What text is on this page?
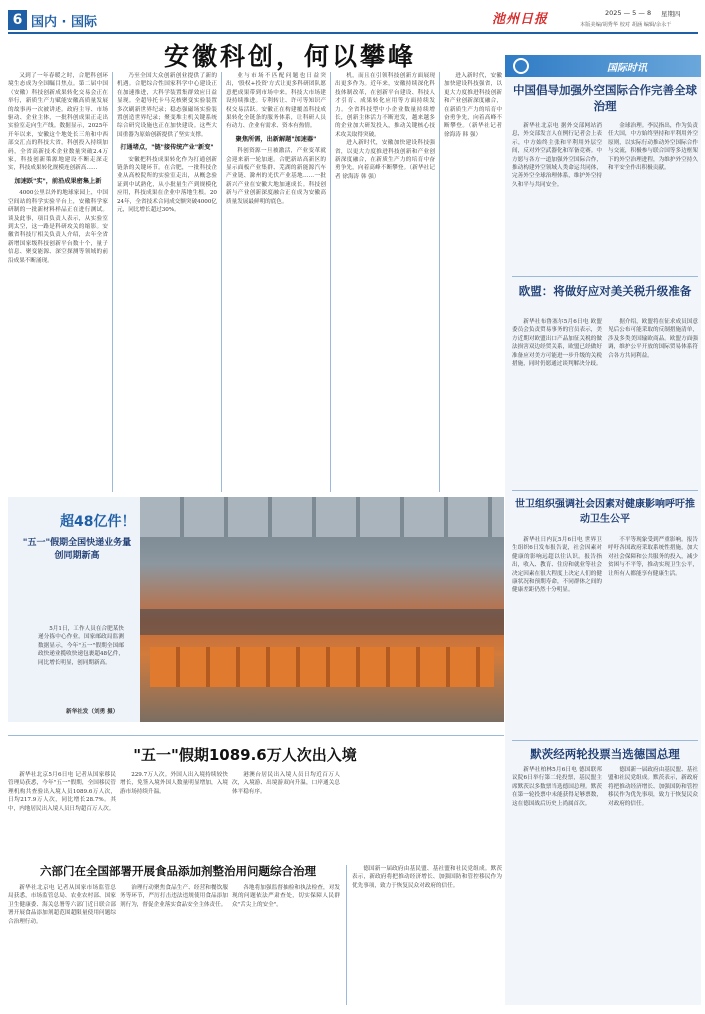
6 国内 · 国际	池州日报	2025 — 5 — 8 星期四
本版美编/胡秀华 校对 胡涵 编辑/余永干
安徽科创，何以攀峰

又到了一年春暖之时，合肥科创环境生态成为全国瞩目焦点。第二届中国（安徽）科技创新成果转化交易会正在举行，新质生产力赋能安徽高质量发展的故事再一次被讲述。政府主导、市场驱动、企业主体，一批科创成果正走出实验室走向生产线。数据显示，2025年开年以来，安徽这个地处长三角和中西部交汇点的科技大省，科创投入持续加码，全省高新技术企业数量突破2.4万家，科技创新策源地建设不断走深走实，科技成果转化规模连创新高……

加速跃"实"，前沿成果密集上新

4000公里以外的地球家园上，中国空间站的科学实验平台上，安徽科学家研制的一批新材料样品正在进行测试。谈及此事，项目负责人表示，从实验室到太空，这一路是科研攻关的缩影。安徽省科技厅相关负责人介绍，去年全省新增国家级科技创新平台数十个，量子信息、聚变能源、深空探测等领域的前沿成果不断涌现。

乃至全国大众创新创业提供了新的机遇。合肥综合性国家科学中心建设正在加速推进，大科学装置集群效应日益显现。全超导托卡马克核聚变实验装置多次刷新世界纪录；稳态强磁场实验装置创造世界纪录；聚变堆主机关键系统综合研究设施也正在加快建设。这些大国重器为原始创新提供了坚实支撑。

打通堵点，"链"接传统产业"新变"

安徽把科技成果转化作为打通创新链条的关键环节。在合肥，一批科技企业从高校院所的实验室走出，从概念验证到中试熟化，从小批量生产到规模化应用，科技成果在企业中落地生根。2024年，全省技术合同成交额突破4000亿元，同比增长超过30%。

业与市场不匹配问题也日益突出，'股权+投资'方式让更多科研团队愿意把成果带到市场中来。科技大市场建设持续推进。专利转让、许可等知识产权交易活跃。安徽正在构建覆盖科技成果转化全链条的服务体系，让科研人员有动力、企业有需求、资本有热情。

聚焦所需，出新解题"加速器"

科创资源一旦被激活，产业变革就会迎来新一轮加速。合肥新站高新区的显示面板产业集群、芜湖的新能源汽车产业链、滁州的光伏产业基地……一批新兴产业在安徽大地加速成长。科技创新与产业创新深度融合正在成为安徽高质量发展最鲜明的底色。

机，而且在引领科技创新方面展现出更多作为。近年来，安徽持续深化科技体制改革，在创新平台建设、科技人才引育、成果转化应用等方面持续发力。全省科技型中小企业数量持续增长，创新主体活力不断迸发，越来越多的企业加大研发投入，推动关键核心技术攻关取得突破。

进入新时代，安徽加快建设科技强省，以更大力度推进科技创新和产业创新深度融合，在新质生产力的培育中奋勇争先，向着高峰不断攀登。（新华社记者 徐海涛 韩 强）

进入新时代，安徽加快建设科技强省，以更大力度推进科技创新和产业创新深度融合，在新质生产力的培育中奋勇争先，向着高峰不断攀登。（新华社记者 徐海涛 韩 强）

国际时讯
中国倡导加强外空国际合作完善全球治理

新华社北京电 据外交部网站消息，外交部发言人在例行记者会上表示，中方始终主张和平利用外层空间，反对外空武器化和军备竞赛。中方愿与各方一道加强外空国际合作，推动构建外空领域人类命运共同体，完善外空全球治理体系，维护外空持久和平与共同安全。

金球治理。李民指出，作为负责任大国，中方始终坚持和平利用外空原则，以实际行动推动外空国际合作与交流，积极参与联合国等多边框架下的外空治理进程，为维护外空持久和平安全作出积极贡献。

欧盟：将做好应对美关税升级准备

新华社布鲁塞尔5月6日电 欧盟委员会负责贸易事务的官员表示，美方近期对欧盟出口产品加征关税的做法损害双边经贸关系，欧盟已经做好准备应对美方可能进一步升级的关税措施，同时仍愿通过谈判解决分歧。

据介绍，欧盟将在征求成员国意见后公布可能采取的反制措施清单，涉及多类美国输欧商品。欧盟方面强调，维护公平开放的国际贸易体系符合各方共同利益。

世卫组织强调社会因素对健康影响呼吁推动卫生公平

新华社日内瓦5月6日电 世界卫生组织6日发布报告说，社会因素对健康的影响远超以往认识。报告指出，收入、教育、住房和就业等社会决定因素在很大程度上决定人们的健康状况和预期寿命，不同群体之间的健康差距仍然十分明显。

不平等现象受到严重影响。报告呼吁各国政府采取系统性措施，加大对社会保障和公共服务的投入，减少贫困与不平等，推动实现卫生公平，让所有人都能享有健康生活。

默茨经两轮投票当选德国总理

新华社柏林5月6日电 德国联邦议院6日举行第二轮投票，基民盟主席默茨以多数票当选德国总理。默茨在第一轮投票中未能获得足够票数，这在德国战后历史上尚属首次。

德国新一届政府由基民盟、基社盟和社民党组成。默茨表示，新政府将把推动经济增长、加强国防和管控移民作为优先事项，致力于恢复民众对政府的信任。

超48亿件！
"五一"假期全国快递业务量创同期新高

5月1日，工作人员在合肥某快递分拣中心作业。国家邮政局监测数据显示，今年"五一"假期全国邮政快递业揽收快递包裹超48亿件，同比增长明显，创同期新高。

新华社发（刘勇 摄）
"五一"假期1089.6万人次出入境

新华社北京5月6日电 记者从国家移民管理局获悉，今年"五一"假期，全国移民管理机构共查验出入境人员1089.6万人次，日均217.9万人次，同比增长28.7%。其中，内地居民出入境人员日均超百万人次。

229.7万人次。外国人出入境持续较快增长，免签入境外国人数量明显增加，入境游市场持续升温。

港澳台居民出入境人员日均近百万人次，入境游、出境游双向升温，口岸通关总体平稳有序。

六部门在全国部署开展食品添加剂整治用问题综合治理

新华社北京电 记者从国家市场监管总局获悉，市场监管总局、农业农村部、国家卫生健康委、海关总署等六部门近日联合部署开展食品添加剂超范围超限量使用问题综合治理行动。

治理行动聚焦食品生产、经营和餐饮服务等环节，严厉打击违法违规使用食品添加剂行为，督促企业落实食品安全主体责任。

各地将加强监督抽检和执法检查，对发现的问题依法严肃查处，切实保障人民群众"舌尖上的安全"。

德国新一届政府由基民盟、基社盟和社民党组成。默茨表示，新政府将把推动经济增长、加强国防和管控移民作为优先事项，致力于恢复民众对政府的信任。
